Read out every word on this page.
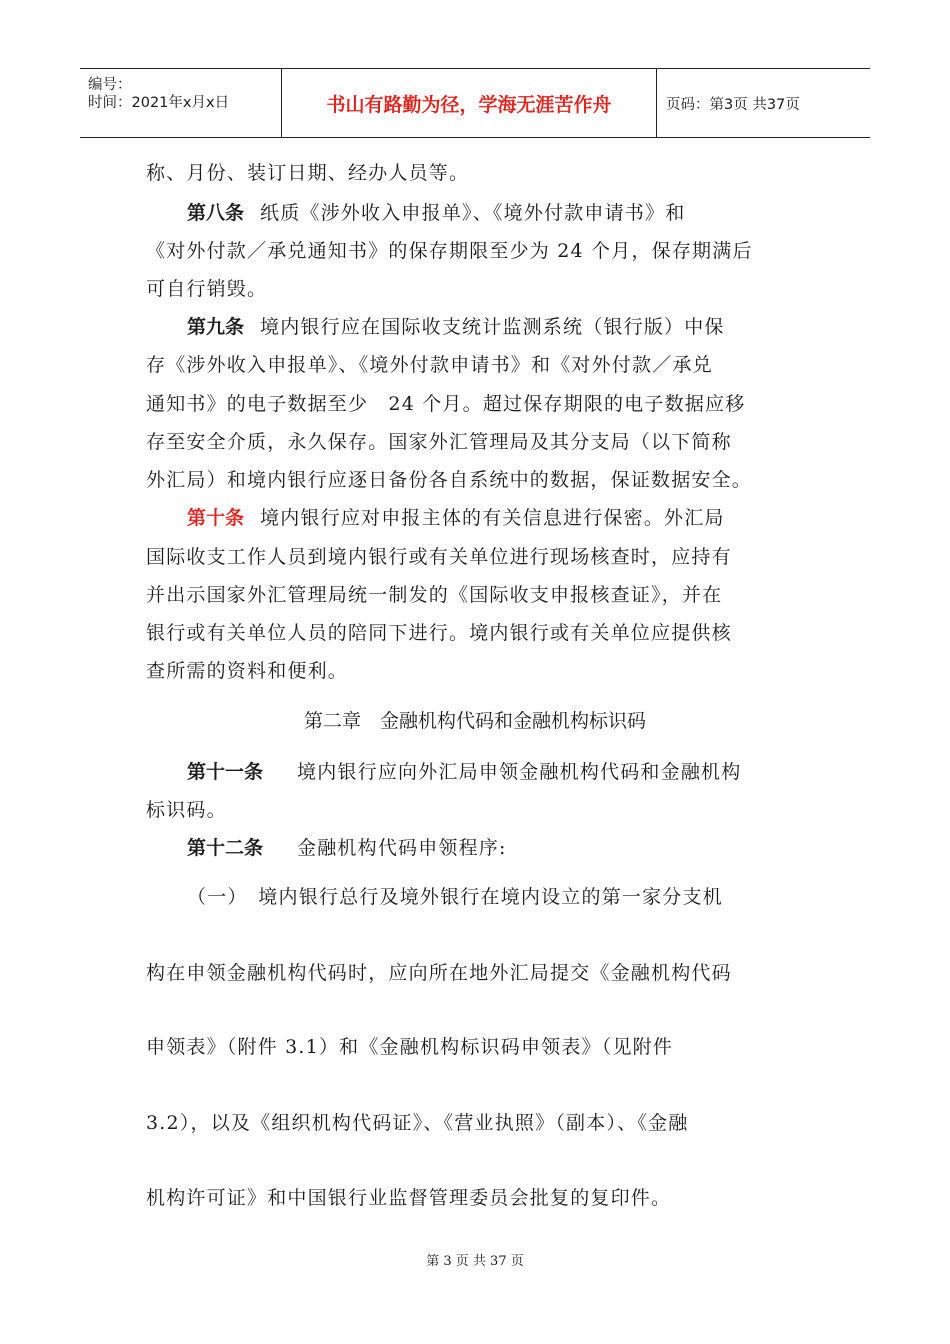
编号：
时间：2021年x月x日	书山有路勤为径，学海无涯苦作舟	页码：第3页 共37页
称、月份、装订日期、经办人员等。
第八条 纸质《涉外收入申报单》、《境外付款申请书》和
《对外付款／承兑通知书》的保存期限至少为 24 个月，保存期满后
可自行销毁。
第九条 境内银行应在国际收支统计监测系统（银行版）中保
存《涉外收入申报单》、《境外付款申请书》和《对外付款／承兑
通知书》的电子数据至少　24 个月。超过保存期限的电子数据应移
存至安全介质，永久保存。国家外汇管理局及其分支局（以下简称
外汇局）和境内银行应逐日备份各自系统中的数据，保证数据安全。
第十条 境内银行应对申报主体的有关信息进行保密。外汇局
国际收支工作人员到境内银行或有关单位进行现场核查时，应持有
并出示国家外汇管理局统一制发的《国际收支申报核查证》，并在
银行或有关单位人员的陪同下进行。境内银行或有关单位应提供核
查所需的资料和便利。
第二章　金融机构代码和金融机构标识码
第十一条 境内银行应向外汇局申领金融机构代码和金融机构
标识码。
第十二条 金融机构代码申领程序:
（一）　境内银行总行及境外银行在境内设立的第一家分支机
构在申领金融机构代码时，应向所在地外汇局提交《金融机构代码
申领表》（附件 3.1）和《金融机构标识码申领表》（见附件
3.2），以及《组织机构代码证》、《营业执照》（副本）、《金融
机构许可证》和中国银行业监督管理委员会批复的复印件。
第 3 页 共 37 页
